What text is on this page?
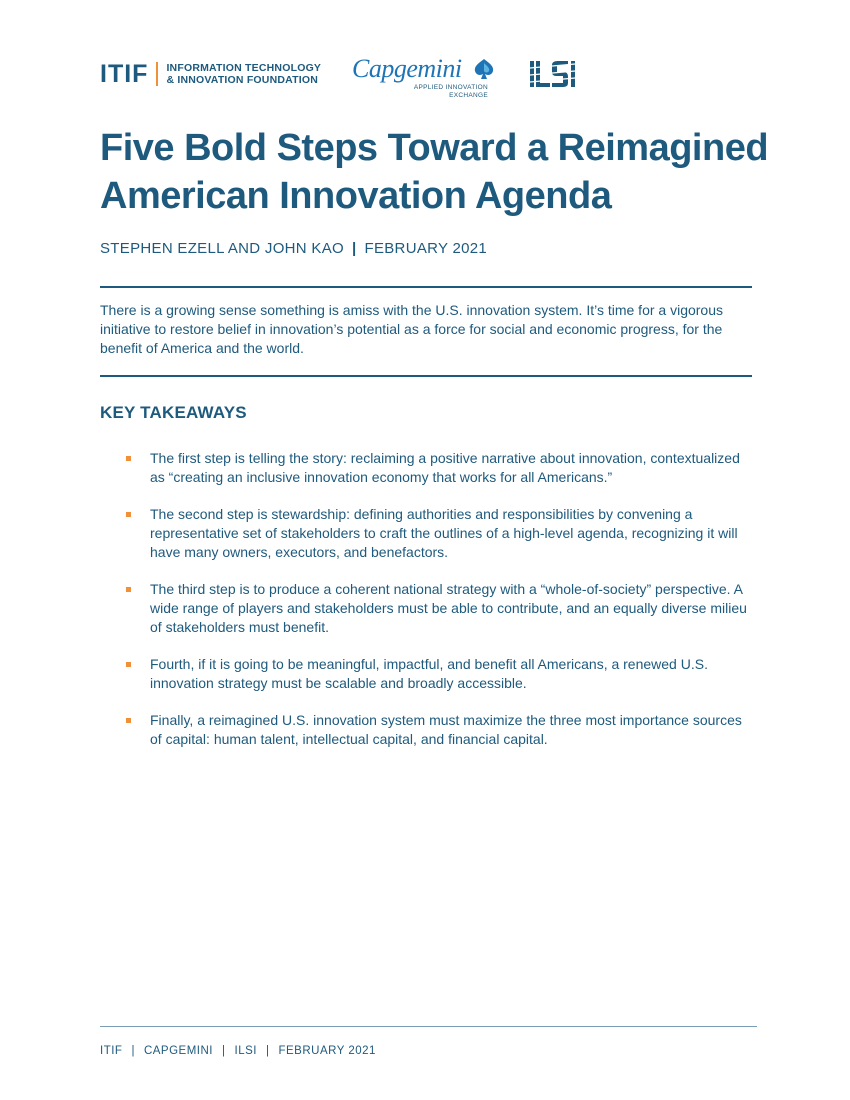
ITIF INFORMATION TECHNOLOGY
& INNOVATION FOUNDATION Capgemini
APPLIED INNOVATION
EXCHANGE
Five Bold Steps Toward a Reimagined
American Innovation Agenda
STEPHEN EZELL AND JOHN KAO | FEBRUARY 2021

There is a growing sense something is amiss with the U.S. innovation system. It’s time for a vigorous initiative to restore belief in innovation’s potential as a force for social and economic progress, for the benefit of America and the world.

KEY TAKEAWAYS
The first step is telling the story: reclaiming a positive narrative about innovation, contextualized as “creating an inclusive innovation economy that works for all Americans.”
The second step is stewardship: defining authorities and responsibilities by convening a representative set of stakeholders to craft the outlines of a high-level agenda, recognizing it will have many owners, executors, and benefactors.
The third step is to produce a coherent national strategy with a “whole-of-society” perspective. A wide range of players and stakeholders must be able to contribute, and an equally diverse milieu of stakeholders must benefit.
Fourth, if it is going to be meaningful, impactful, and benefit all Americans, a renewed U.S. innovation strategy must be scalable and broadly accessible.
Finally, a reimagined U.S. innovation system must maximize the three most importance sources of capital: human talent, intellectual capital, and financial capital.
ITIF | CAPGEMINI | ILSI | FEBRUARY 2021
